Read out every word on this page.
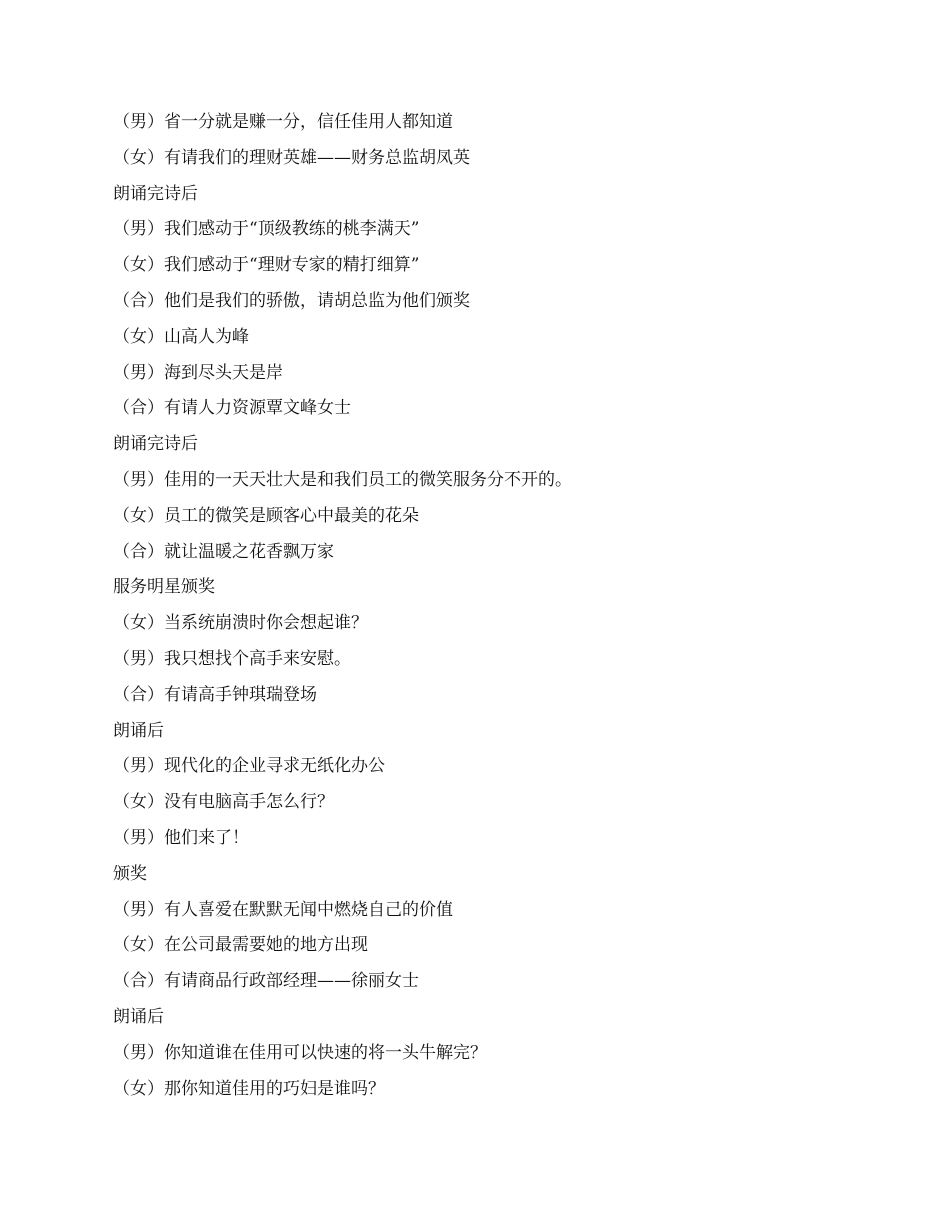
（男）省一分就是赚一分，信任佳用人都知道
（女）有请我们的理财英雄——财务总监胡凤英
朗诵完诗后
（男）我们感动于“顶级教练的桃李满天”
（女）我们感动于“理财专家的精打细算”
（合）他们是我们的骄傲，请胡总监为他们颁奖
（女）山高人为峰
（男）海到尽头天是岸
（合）有请人力资源覃文峰女士
朗诵完诗后
（男）佳用的一天天壮大是和我们员工的微笑服务分不开的。
（女）员工的微笑是顾客心中最美的花朵
（合）就让温暖之花香飘万家
服务明星颁奖
（女）当系统崩溃时你会想起谁？
（男）我只想找个高手来安慰。
（合）有请高手钟琪瑞登场
朗诵后
（男）现代化的企业寻求无纸化办公
（女）没有电脑高手怎么行？
（男）他们来了！
颁奖
（男）有人喜爱在默默无闻中燃烧自己的价值
（女）在公司最需要她的地方出现
（合）有请商品行政部经理——徐丽女士
朗诵后
（男）你知道谁在佳用可以快速的将一头牛解完？
（女）那你知道佳用的巧妇是谁吗？
